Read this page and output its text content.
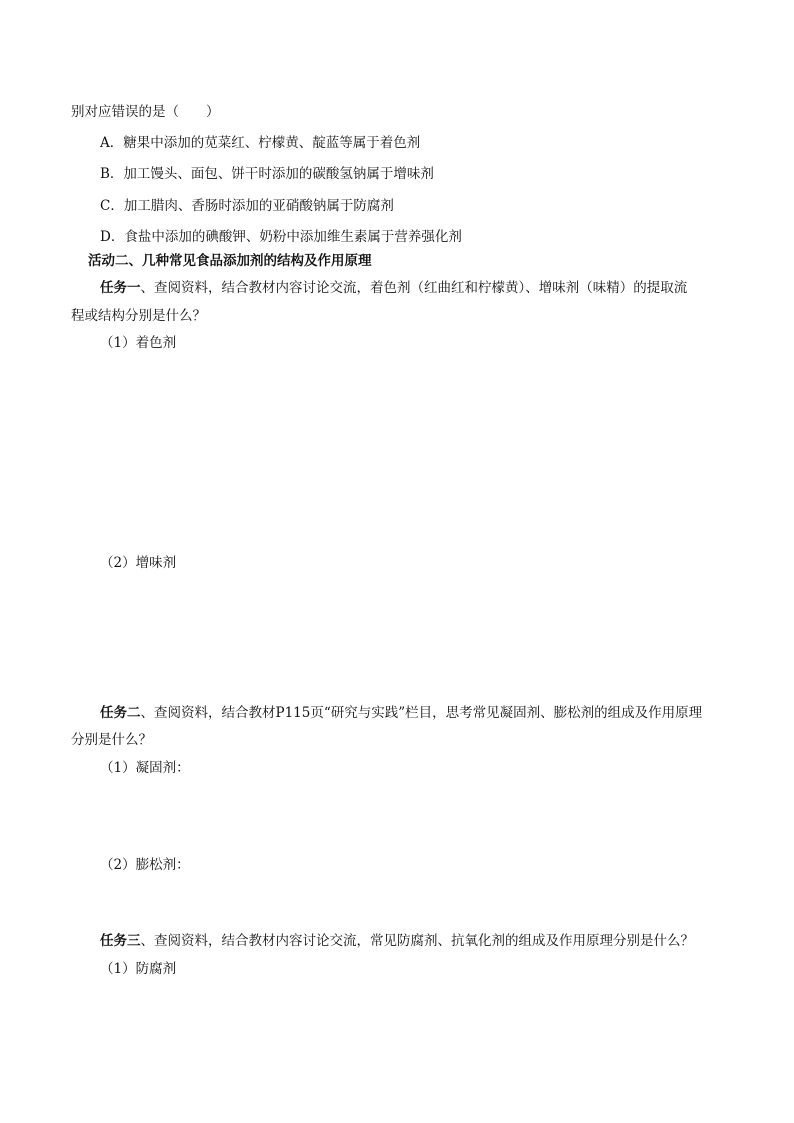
别对应错误的是（　　）
A．糖果中添加的苋菜红、柠檬黄、靛蓝等属于着色剂
B．加工馒头、面包、饼干时添加的碳酸氢钠属于增味剂
C．加工腊肉、香肠时添加的亚硝酸钠属于防腐剂
D．食盐中添加的碘酸钾、奶粉中添加维生素属于营养强化剂
活动二、几种常见食品添加剂的结构及作用原理
任务一、查阅资料，结合教材内容讨论交流，着色剂（红曲红和柠檬黄）、增味剂（味精）的提取流
程或结构分别是什么？
（1）着色剂
（2）增味剂
任务二、查阅资料，结合教材P115页“研究与实践”栏目，思考常见凝固剂、膨松剂的组成及作用原理
分别是什么？
（1）凝固剂：
（2）膨松剂：
任务三、查阅资料，结合教材内容讨论交流，常见防腐剂、抗氧化剂的组成及作用原理分别是什么？
（1）防腐剂
